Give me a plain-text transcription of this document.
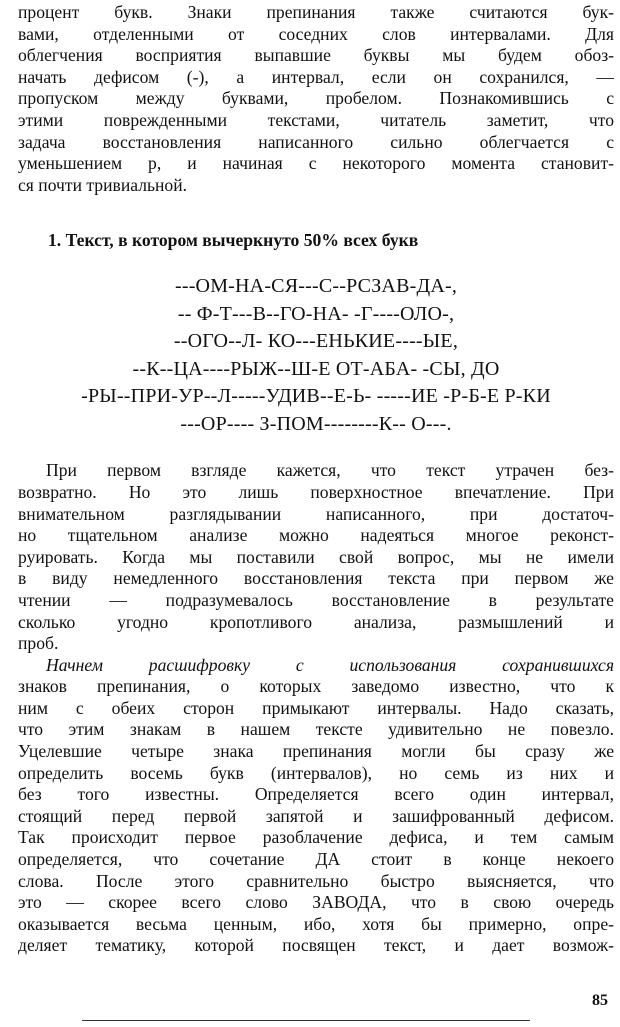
процент букв. Знаки препинания также считаются бук-
вами, отделенными от соседних слов интервалами. Для
облегчения восприятия выпавшие буквы мы будем обоз-
начать дефисом (-), а интервал, если он сохранился, —
пропуском между буквами, пробелом. Познакомившись с
этими поврежденными текстами, читатель заметит, что
задача восстановления написанного сильно облегчается с
уменьшением p, и начиная с некоторого момента становит-
ся почти тривиальной.
1. Текст, в котором вычеркнуто 50% всех букв
---ОМ-НА-СЯ---С--РСЗАВ-ДА-,
-- Ф-Т---В--ГО-НА- -Г----ОЛО-,
--ОГО--Л- КО---ЕНЬКИЕ----ЫЕ,
--К--ЦА----РЫЖ--Ш-Е ОТ-АБА- -СЫ, ДО
-РЫ--ПРИ-УР--Л-----УДИВ--Е-Ь- -----ИЕ -Р-Б-Е Р-КИ
---ОР---- З-ПОМ--------К-- О---.
При первом взгляде кажется, что текст утрачен без-
возвратно. Но это лишь поверхностное впечатление. При
внимательном разглядывании написанного, при достаточ-
но тщательном анализе можно надеяться многое реконст-
руировать. Когда мы поставили свой вопрос, мы не имели
в виду немедленного восстановления текста при первом же
чтении — подразумевалось восстановление в результате
сколько угодно кропотливого анализа, размышлений и
проб.
Начнем расшифровку с использования сохранившихся
знаков препинания, о которых заведомо известно, что к
ним с обеих сторон примыкают интервалы. Надо сказать,
что этим знакам в нашем тексте удивительно не повезло.
Уцелевшие четыре знака препинания могли бы сразу же
определить восемь букв (интервалов), но семь из них и
без того известны. Определяется всего один интервал,
стоящий перед первой запятой и зашифрованный дефисом.
Так происходит первое разоблачение дефиса, и тем самым
определяется, что сочетание ДА стоит в конце некоего
слова. После этого сравнительно быстро выясняется, что
это — скорее всего слово ЗАВОДА, что в свою очередь
оказывается весьма ценным, ибо, хотя бы примерно, опре-
деляет тематику, которой посвящен текст, и дает возмож-
85
